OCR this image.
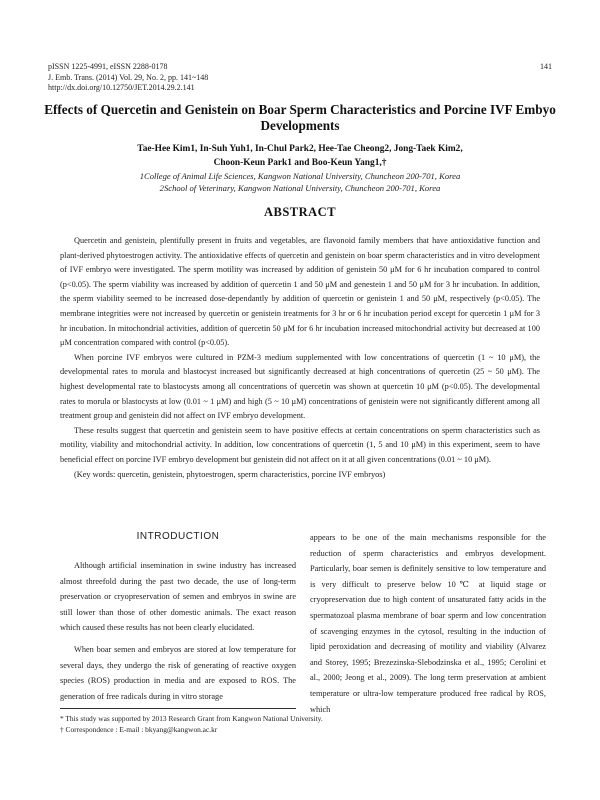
pISSN 1225-4991, eISSN 2288-0178
J. Emb. Trans. (2014) Vol. 29, No. 2, pp. 141~148
http://dx.doi.org/10.12750/JET.2014.29.2.141
141
Effects of Quercetin and Genistein on Boar Sperm Characteristics and Porcine IVF Embyo Developments
Tae-Hee Kim1, In-Suh Yuh1, In-Chul Park2, Hee-Tae Cheong2, Jong-Taek Kim2,
Choon-Keun Park1 and Boo-Keun Yang1,†
1College of Animal Life Sciences, Kangwon National University, Chuncheon 200-701, Korea
2School of Veterinary, Kangwon National University, Chuncheon 200-701, Korea
ABSTRACT

Quercetin and genistein, plentifully present in fruits and vegetables, are flavonoid family members that have antioxidative function and plant-derived phytoestrogen activity. The antioxidative effects of quercetin and genistein on boar sperm characteristics and in vitro development of IVF embryo were investigated. The sperm motility was increased by addition of genistein 50 μM for 6 hr incubation compared to control (p<0.05). The sperm viability was increased by addition of quercetin 1 and 50 μM and genestein 1 and 50 μM for 3 hr incubation. In addition, the sperm viability seemed to be increased dose-dependantly by addition of quercetin or genistein 1 and 50 μM, respectively (p<0.05). The membrane integrities were not increased by quercetin or genistein treatments for 3 hr or 6 hr incubation period except for quercetin 1 μM for 3 hr incubation. In mitochondrial activities, addition of quercetin 50 μM for 6 hr incubation increased mitochondrial activity but decreased at 100 μM concentration compared with control (p<0.05).

When porcine IVF embryos were cultured in PZM-3 medium supplemented with low concentrations of quercetin (1 ~ 10 μM), the developmental rates to morula and blastocyst increased but significantly decreased at high concentrations of quercetin (25 ~ 50 μM). The highest developmental rate to blastocysts among all concentrations of quercetin was shown at quercetin 10 μM (p<0.05). The developmental rates to morula or blastocysts at low (0.01 ~ 1 μM) and high (5 ~ 10 μM) concentrations of genistein were not significantly different among all treatment group and genistein did not affect on IVF embryo development.

These results suggest that quercetin and genistein seem to have positive effects at certain concentrations on sperm characteristics such as motility, viability and mitochondrial activity. In addition, low concentrations of quercetin (1, 5 and 10 μM) in this experiment, seem to have beneficial effect on porcine IVF embryo development but genistein did not affect on it at all given concentrations (0.01 ~ 10 μM).

(Key words: quercetin, genistein, phytoestrogen, sperm characteristics, porcine IVF embryos)

INTRODUCTION

Although artificial insemination in swine industry has increased almost threefold during the past two decade, the use of long-term preservation or cryopreservation of semen and embryos in swine are still lower than those of other domestic animals. The exact reason which caused these results has not been clearly elucidated.

When boar semen and embryos are stored at low temperature for several days, they undergo the risk of generating of reactive oxygen species (ROS) production in media and are exposed to ROS. The generation of free radicals during in vitro storage

appears to be one of the main mechanisms responsible for the reduction of sperm characteristics and embryos development. Particularly, boar semen is definitely sensitive to low temperature and is very difficult to preserve below 10℃ at liquid stage or cryopreservation due to high content of unsaturated fatty acids in the spermatozoal plasma membrane of boar sperm and low concentration of scavenging enzymes in the cytosol, resulting in the induction of lipid peroxidation and decreasing of motility and viability (Alvarez and Storey, 1995; Brezezinska-Slebodzinska et al., 1995; Cerolini et al., 2000; Jeong et al., 2009). The long term preservation at ambient temperature or ultra-low temperature produced free radical by ROS, which

* This study was supported by 2013 Research Grant from Kangwon National University.
† Correspondence : E-mail : bkyang@kangwon.ac.kr
